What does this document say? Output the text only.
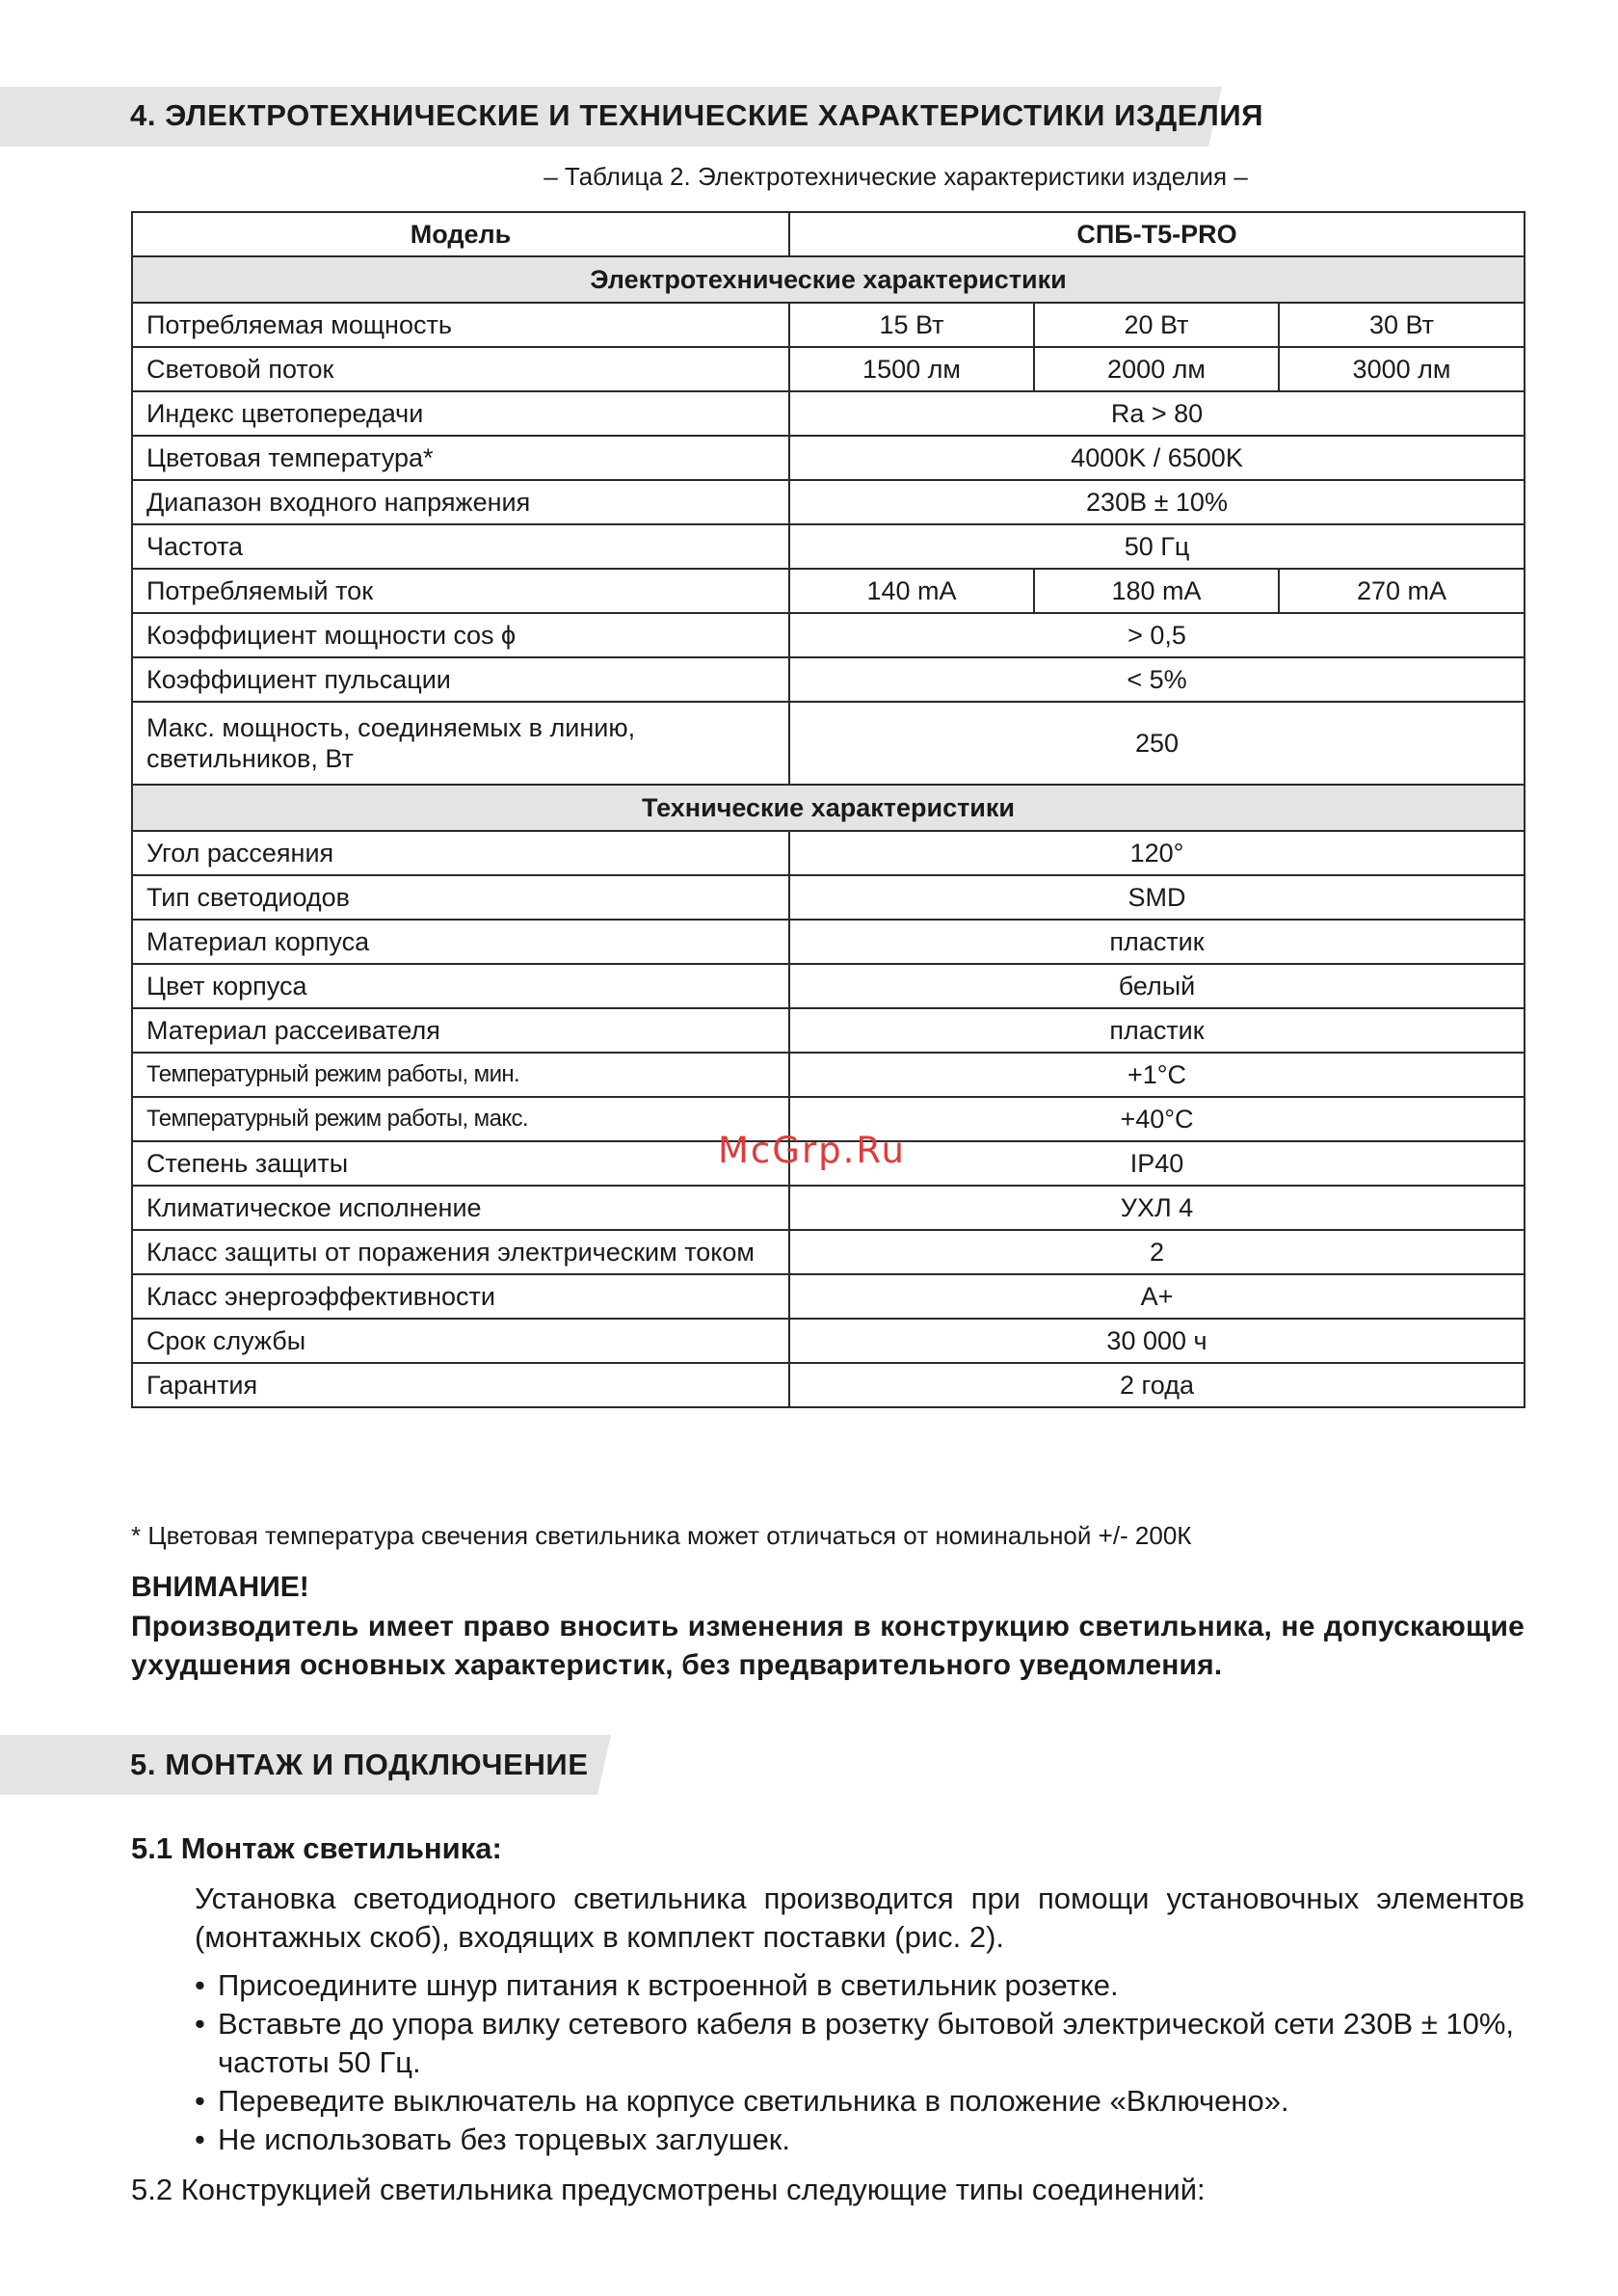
4. ЭЛЕКТРОТЕХНИЧЕСКИЕ И ТЕХНИЧЕСКИЕ ХАРАКТЕРИСТИКИ ИЗДЕЛИЯ
– Таблица 2. Электротехнические характеристики изделия –
Модель	СПБ-Т5-PRO		
Электротехнические характеристики			
Потребляемая мощность	15 Вт	20 Вт	30 Вт
Световой поток	1500 лм	2000 лм	3000 лм
Индекс цветопередачи	Ra > 80		
Цветовая температура*	4000K / 6500K		
Диапазон входного напряжения	230В ± 10%		
Частота	50 Гц		
Потребляемый ток	140 mA	180 mA	270 mA
Коэффициент мощности cos ϕ	> 0,5		
Коэффициент пульсации	< 5%		
Макс. мощность, соединяемых в линию, светильников, Вт	250		
Технические характеристики			
Угол рассеяния	120°		
Тип светодиодов	SMD		
Материал корпуса	пластик		
Цвет корпуса	белый		
Материал рассеивателя	пластик		
Температурный режим работы, мин.	+1°C		
Температурный режим работы, макс.	+40°C		
Степень защиты	IP40		
Климатическое исполнение	УХЛ 4		
Класс защиты от поражения электрическим током	2		
Класс энергоэффективности	A+		
Срок службы	30 000 ч		
Гарантия	2 года		
* Цветовая температура свечения светильника может отличаться от номинальной +/- 200К
ВНИМАНИЕ!
Производитель имеет право вносить изменения в конструкцию светильника, не допускающие ухудшения основных характеристик, без предварительного уведомления.
5. МОНТАЖ И ПОДКЛЮЧЕНИЕ
5.1 Монтаж светильника:
Установка светодиодного светильника производится при помощи установочных элементов (монтажных скоб), входящих в комплект поставки (рис. 2).
• Присоедините шнур питания к встроенной в светильник розетке.
• Вставьте до упора вилку сетевого кабеля в розетку бытовой электрической сети 230В ± 10%, частоты 50 Гц.
• Переведите выключатель на корпусе светильника в положение «Включено».
• Не использовать без торцевых заглушек.
5.2 Конструкцией светильника предусмотрены следующие типы соединений:
McGrp.Ru
